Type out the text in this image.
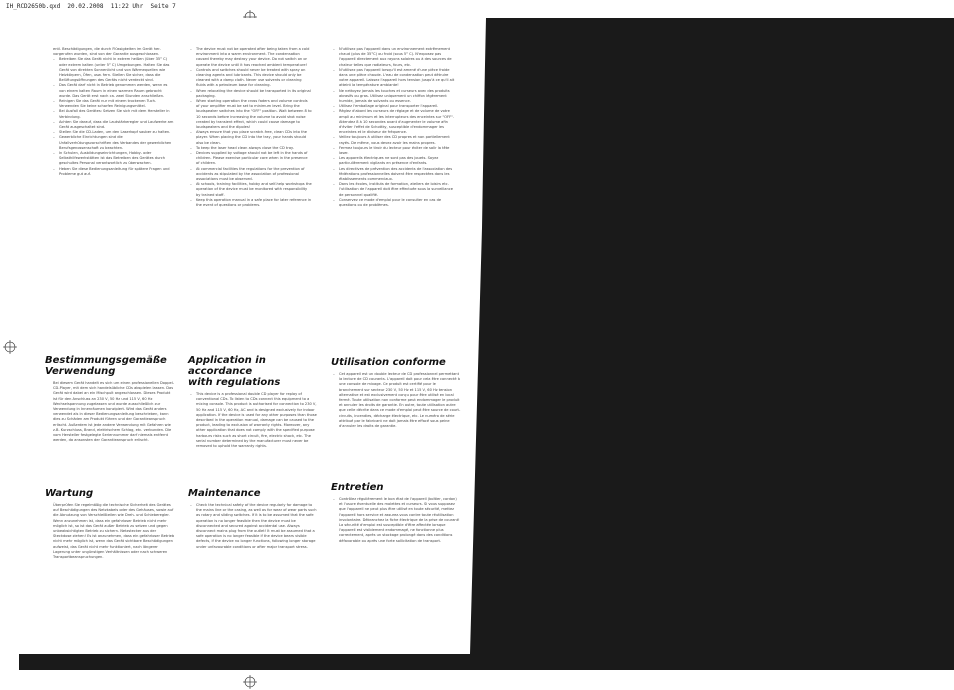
IH_RCD2650b.qxd  20.02.2008  11:22 Uhr  Seite 7

entl. Beschädigungen, die durch Flüssigkeiten im Gerät her-vorgerufen wurden, sind von der Garantie ausgeschlossen.

– Betreiben Sie das Gerät nicht in extrem heißen (über 35° C) oder extrem kalten (unter 5° C) Umgebungen. Halten Sie das Gerät von direkten Sonnenlicht und von Wärmequellen wie Heizkörpern, Öfen, usw. fern. Stellen Sie sicher, dass die Belüftungsöffnungen des Geräts nicht verdeckt sind.

– Das Gerät darf nicht in Betrieb genommen werden, wenn es von einem kalten Raum in einen warmen Raum gebracht wurde. Das Gerät erst nach ca. zwei Stunden anschließen.

– Reinigen Sie das Gerät nur mit einem trockenen Tuch. Verwenden Sie keine scharfen Reinigungsmittel.

– Bei Ausfall des Gerätes: Setzen Sie sich mit dem Hersteller in Verbindung.

– Achten Sie darauf, dass die Lautstärkeregler und Laufwerke am Gerät ausgeschaltet sind.

– Stellen Sie die CD-Laden, um den Laserkopf sauber zu halten.

– Gewerbliche Einrichtungen sind die Unfallverhütungsvorschriften des Verbandes der gewerblichen Berufsgenossenschaft zu beachten.

– In Schulen, Ausbildungseinrichtungen, Hobby- oder Selbsthilfewerkstätten ist das Betreiben des Gerätes durch geschultes Personal verantwortlich zu überwachen.

– Heben Sie diese Bedienungsanleitung für spätere Fragen und Probleme gut auf.

– The device must not be operated after being taken from a cold environment into a warm environment. The condensation caused thereby may destroy your device. Do not switch on or operate the device until it has reached ambient temperature!

– Controls and switches should never be treated with spray on cleaning agents and lubricants. This device should only be cleaned with a damp cloth. Never use solvents or cleaning fluids with a petroleum base for cleaning.

– When relocating the device should be transported in its original packaging.

– When starting operation the cross faders and volume controls of your amplifier must be set to minimum level. Bring the loudspeaker switches into the "OFF" position. Wait between 8 to 10 seconds before increasing the volume to avoid shot noise created by transient effect, which could cause damage to loudspeakers and the dipoles!

– Always ensure that you place scratch-free, clean CDs into the player. When placing the CD into the tray, your hands should also be clean.

– To keep the laser head clean always close the CD tray.

– Devices supplied by voltage should not be left in the hands of children. Please exercise particular care when in the presence of children.

– At commercial facilities the regulations for the prevention of accidents as stipulated by the association of professional associations must be observed.

– At schools, training facilities, hobby and self-help workshops the operation of the device must be monitored with responsibility by trained staff.

– Keep this operation manual in a safe place for later reference in the event of questions or problems.

– N'utilisez pas l'appareil dans un environnement extrêmement chaud (plus de 35°C) ou froid (sous 5° C). N'exposez pas l'appareil directement aux rayons solaires ou à des sources de chaleur telles que radiateurs, fours, etc.

– N'utilisez pas l'appareil lorsqu'il est amené d'une pièce froide dans une pièce chaude. L'eau de condensation peut détruire votre appareil. Laissez l'appareil hors tension jusqu'à ce qu'il ait atteint la température ambiante!

– Ne nettoyez jamais les touches et curseurs avec des produits abrasifs ou gras. Utilisez uniquement un chiffon légèrement humide, jamais de solvants ou essence.

– Utilisez l'emballage original pour transporter l'appareil.

– Réglez d'abord les curseurs de réglage et de volume de votre ampli au minimum et les interrupteurs des enceintes sur "OFF". Attendez 8 à 10 secondes avant d'augmenter le volume afin d'éviter l'effet de Schottky, susceptible d'endommager les enceintes et le diviseur de fréquence.

– Veillez toujours à utiliser des CD propres et non partiellement rayés. De même, vous devez avoir les mains propres.

– Fermez toujours le tiroir du lecteur pour éviter de salir la tête laser.

– Les appareils électriques ne sont pas des jouets. Soyez particulièrement vigilants en présence d'enfants.

– Les directives de prévention des accidents de l'association des fédérations professionnelles doivent être respectées dans les établissements commerciaux.

– Dans les écoles, instituts de formation, ateliers de loisirs etc. l'utilisation de l'appareil doit être effectuée sous la surveillance de personnel qualifié.

– Conservez ce mode d'emploi pour le consulter en cas de questions ou de problèmes.

Bestimmungsgemäße
Verwendung
Bei diesem Gerät handelt es sich um einen professionellen Doppel-CD-Player, mit dem sich handelsübliche CDs abspielen lassen. Das Gerät wird dabei an ein Mischpult angeschlossen. Dieses Produkt ist für den Anschluss an 230 V, 50 Hz und 115 V, 60 Hz Wechselspannung zugelassen und wurde ausschließlich zur Verwendung in Innenräumen konzipiert. Wird das Gerät anders verwendet als in dieser Bedienungsanleitung beschrieben, kann dies zu Schäden am Produkt führen und der Garantieanspruch erlischt. Außerdem ist jede andere Verwendung mit Gefahren wie z.B. Kurzschluss, Brand, elektrischem Schlag, etc. verbunden. Die vom Hersteller festgelegte Seriennummer darf niemals entfernt werden, da ansonsten der Garantieanspruch erlischt.
Application in accordance
with regulations
– This device is a professional double CD player for replay of conventional CDs. To listen to CDs connect this equipment to a mixing console. This product is authorised for connection to 230 V, 50 Hz and 115 V, 60 Hz, AC and is designed exclusively for indoor application. If the device is used for any other purposes than those described in the operation manual, damage can be caused to the product, leading to exclusion of warranty rights. Moreover, any other application that does not comply with the specified purpose harbours risks such as short circuit, fire, electric shock, etc. The serial number determined by the manufacturer must never be removed to uphold the warranty rights.
Utilisation conforme
– Cet appareil est un double lecteur de CD professionnel permettant la lecture de CD courants. L'appareil doit pour cela être connecté à une console de mixage. Ce produit est certifié pour le branchement sur secteur 230 V, 50 Hz et 115 V, 60 Hz tension alternative et est exclusivement conçu pour être utilisé en local fermé. Toute utilisation non conforme peut endommager le produit et annuler les droits de garantie. En outre, toute utilisation autre que celle décrite dans ce mode d'emploi peut être source de court-circuits, incendies, décharge électrique, etc. Le numéro de série attribué par le fabricant ne doit jamais être effacé sous peine d'annuler les droits de garantie.
Wartung
Überprüfen Sie regelmäßig die technische Sicherheit des Gerätes auf Beschädigungen des Netzkabels oder des Gehäuses, sowie auf die Abnutzung von Verschleißteilen wie Dreh- und Schieberegler. Wenn anzunehmen ist, dass ein gefahrloser Betrieb nicht mehr möglich ist, so ist das Gerät außer Betrieb zu setzen und gegen unbeabsichtigten Betrieb zu sichern. Netzstecker aus der Steckdose ziehen! Es ist anzunehmen, dass ein gefahrloser Betrieb nicht mehr möglich ist, wenn das Gerät sichtbare Beschädigungen aufweist, das Gerät nicht mehr funktioniert, nach längerer Lagerung unter ungünstigen Verhältnissen oder nach schweren Transportbeanspruchungen.
Maintenance
– Check the technical safety of the device regularly for damage to the mains line or the casing, as well as for wear of wear parts such as rotary and sliding switches. If it is to be assumed that the safe operation is no longer feasible then the device must be disconnected and secured against accidental use. Always disconnect mains plug from the outlet! It must be assumed that a safe operation is no longer feasible if the device bears visible defects, if the device no longer functions, following longer storage under unfavourable conditions or after major transport stress.
Entretien
– Contrôlez régulièrement le bon état de l'appareil (boîtier, cordon) et l'usure éventuelle des molettes et curseurs. Si vous supposez que l'appareil ne peut plus être utilisé en toute sécurité, mettez l'appareil hors service et assurez-vous contre toute réutilisation involontaire. Débranchez la fiche électrique de la prise de courant! La sécurité d'emploi est susceptible d'être affectée lorsque l'appareil est visiblement endommagé, ne fonctionne plus correctement, après un stockage prolongé dans des conditions défavorable ou après une forte sollicitation de transport.
3
